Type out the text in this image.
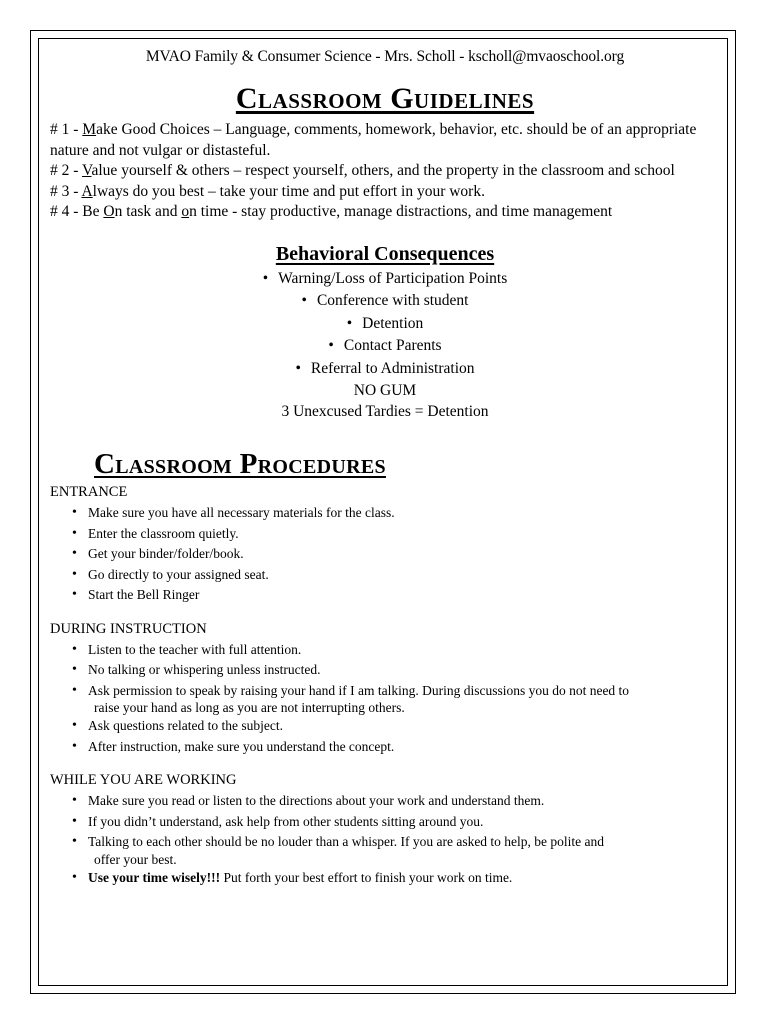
MVAO Family & Consumer Science - Mrs. Scholl - kscholl@mvaoschool.org

Classroom Guidelines

# 1 - Make Good Choices – Language, comments, homework, behavior, etc. should be of an appropriate nature and not vulgar or distasteful.

# 2 - Value yourself & others – respect yourself, others, and the property in the classroom and school

# 3 - Always do you best – take your time and put effort in your work.

# 4 - Be On task and on time - stay productive, manage distractions, and time management

Behavioral Consequences
• Warning/Loss of Participation Points
• Conference with student
• Detention
• Contact Parents
• Referral to Administration
NO GUM
3 Unexcused Tardies = Detention
Classroom Procedures

ENTRANCE

• Make sure you have all necessary materials for the class.
• Enter the classroom quietly.
• Get your binder/folder/book.
• Go directly to your assigned seat.
• Start the Bell Ringer

DURING INSTRUCTION

• Listen to the teacher with full attention.
• No talking or whispering unless instructed.
• Ask permission to speak by raising your hand if I am talking. During discussions you do not need to
raise your hand as long as you are not interrupting others.
• Ask questions related to the subject.
• After instruction, make sure you understand the concept.

WHILE YOU ARE WORKING

• Make sure you read or listen to the directions about your work and understand them.
• If you didn’t understand, ask help from other students sitting around you.
• Talking to each other should be no louder than a whisper. If you are asked to help, be polite and
offer your best.
• Use your time wisely!!! Put forth your best effort to finish your work on time.
